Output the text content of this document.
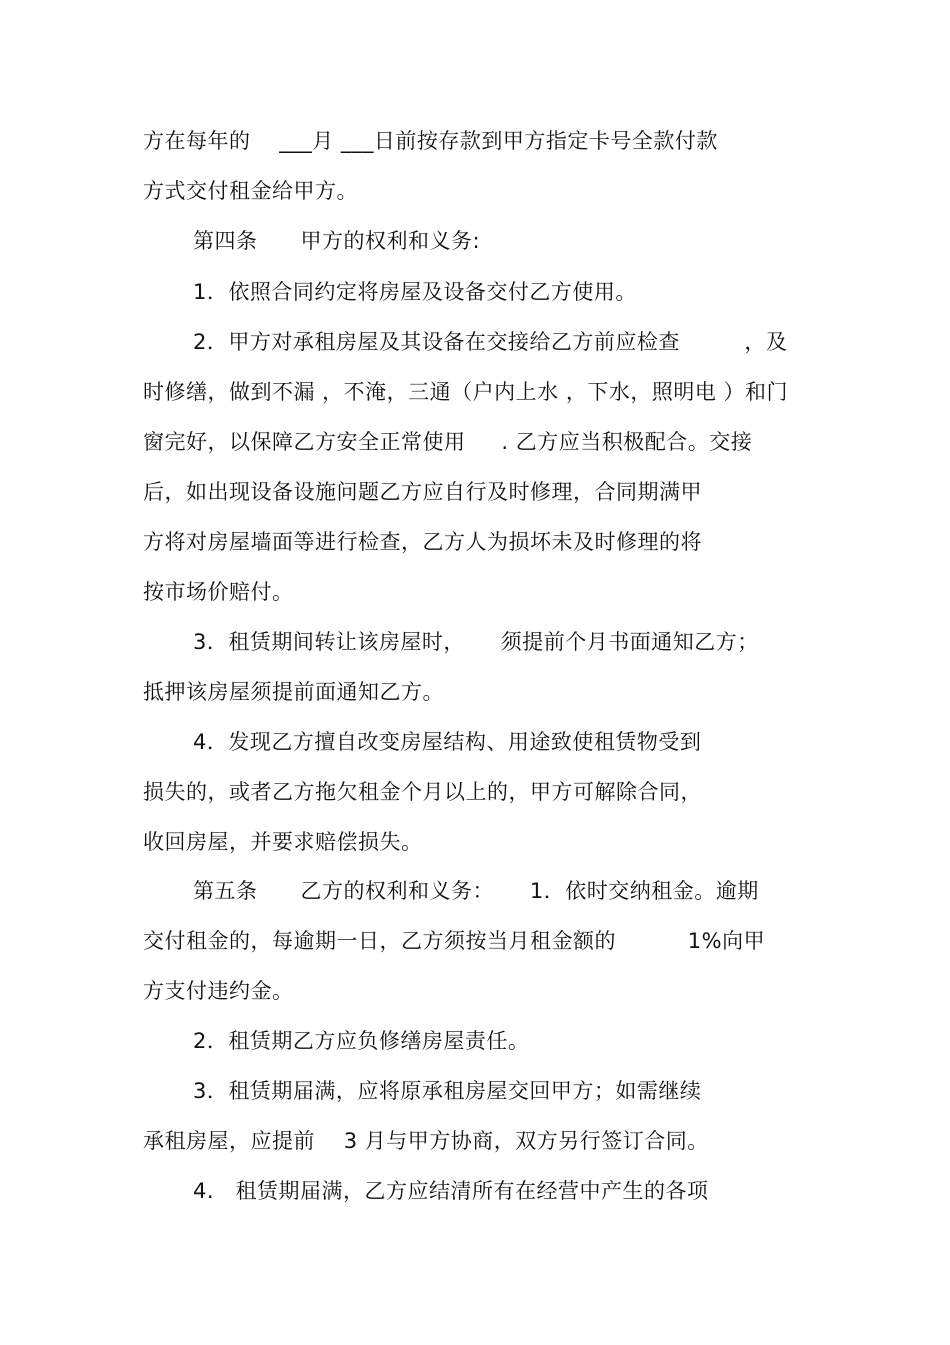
方在每年的    ___月 ___日前按存款到甲方指定卡号全款付款
方式交付租金给甲方。
第四条      甲方的权利和义务:
1．依照合同约定将房屋及设备交付乙方使用。
2．甲方对承租房屋及其设备在交接给乙方前应检查         ，及
时修缮，做到不漏 ，不淹，三通（户内上水 ，下水，照明电 ）和门
窗完好，以保障乙方安全正常使用     . 乙方应当积极配合。交接
后，如出现设备设施问题乙方应自行及时修理，合同期满甲
方将对房屋墙面等进行检查，乙方人为损坏未及时修理的将
按市场价赔付。
3．租赁期间转让该房屋时，     须提前个月书面通知乙方；
抵押该房屋须提前面通知乙方。
4．发现乙方擅自改变房屋结构、用途致使租赁物受到
损失的，或者乙方拖欠租金个月以上的，甲方可解除合同，
收回房屋，并要求赔偿损失。
第五条      乙方的权利和义务：     1．依时交纳租金。逾期
交付租金的，每逾期一日，乙方须按当月租金额的          1%向甲
方支付违约金。
2．租赁期乙方应负修缮房屋责任。
3．租赁期届满，应将原承租房屋交回甲方；如需继续
承租房屋，应提前    3 月与甲方协商，双方另行签订合同。
4.   租赁期届满，乙方应结清所有在经营中产生的各项
